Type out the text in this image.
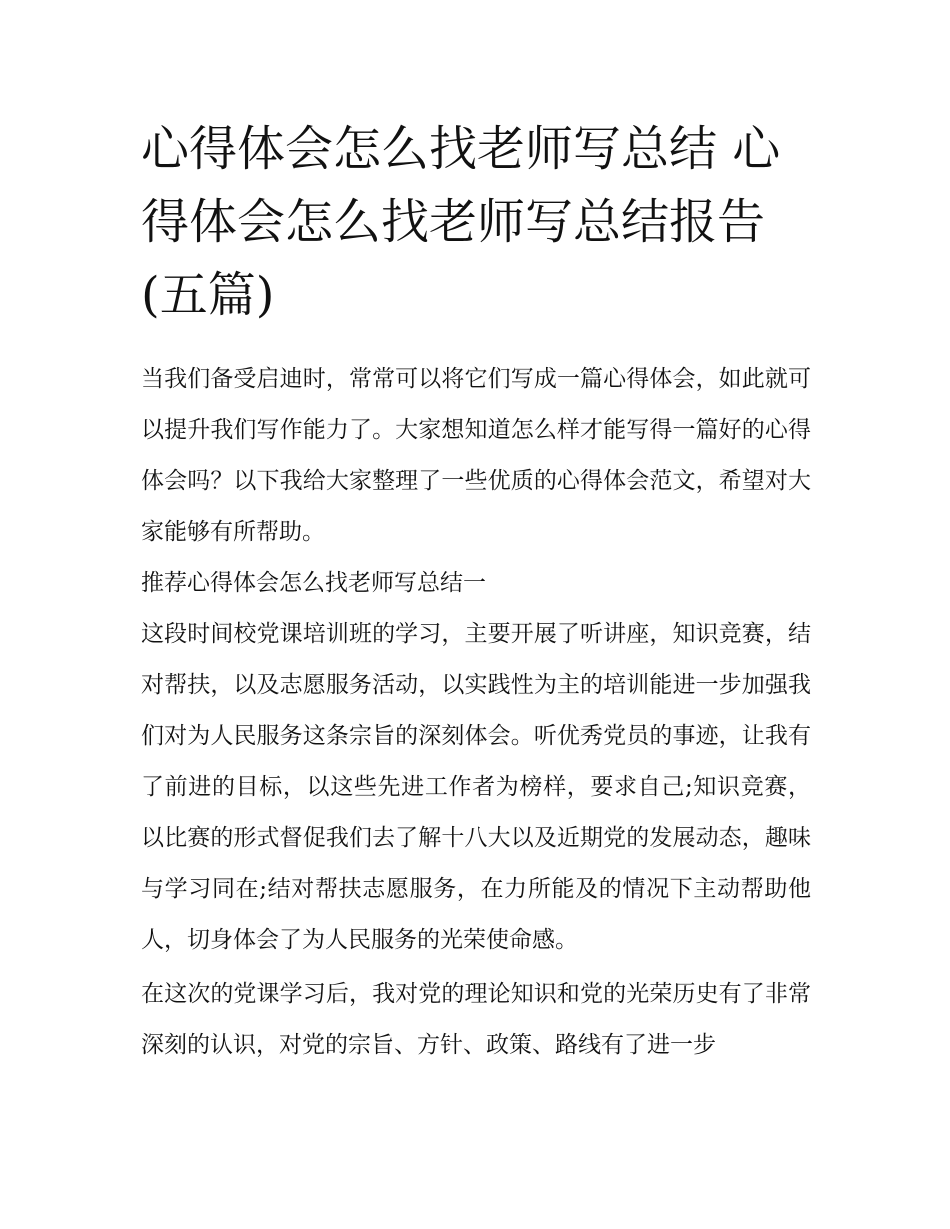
心得体会怎么找老师写总结 心得体会怎么找老师写总结报告(五篇)

当我们备受启迪时，常常可以将它们写成一篇心得体会，如此就可以提升我们写作能力了。大家想知道怎么样才能写得一篇好的心得体会吗？以下我给大家整理了一些优质的心得体会范文，希望对大家能够有所帮助。

推荐心得体会怎么找老师写总结一

这段时间校党课培训班的学习，主要开展了听讲座，知识竞赛，结对帮扶，以及志愿服务活动，以实践性为主的培训能进一步加强我们对为人民服务这条宗旨的深刻体会。听优秀党员的事迹，让我有了前进的目标，以这些先进工作者为榜样，要求自己;知识竞赛，以比赛的形式督促我们去了解十八大以及近期党的发展动态，趣味与学习同在;结对帮扶志愿服务，在力所能及的情况下主动帮助他人，切身体会了为人民服务的光荣使命感。

在这次的党课学习后，我对党的理论知识和党的光荣历史有了非常深刻的认识，对党的宗旨、方针、政策、路线有了进一步
